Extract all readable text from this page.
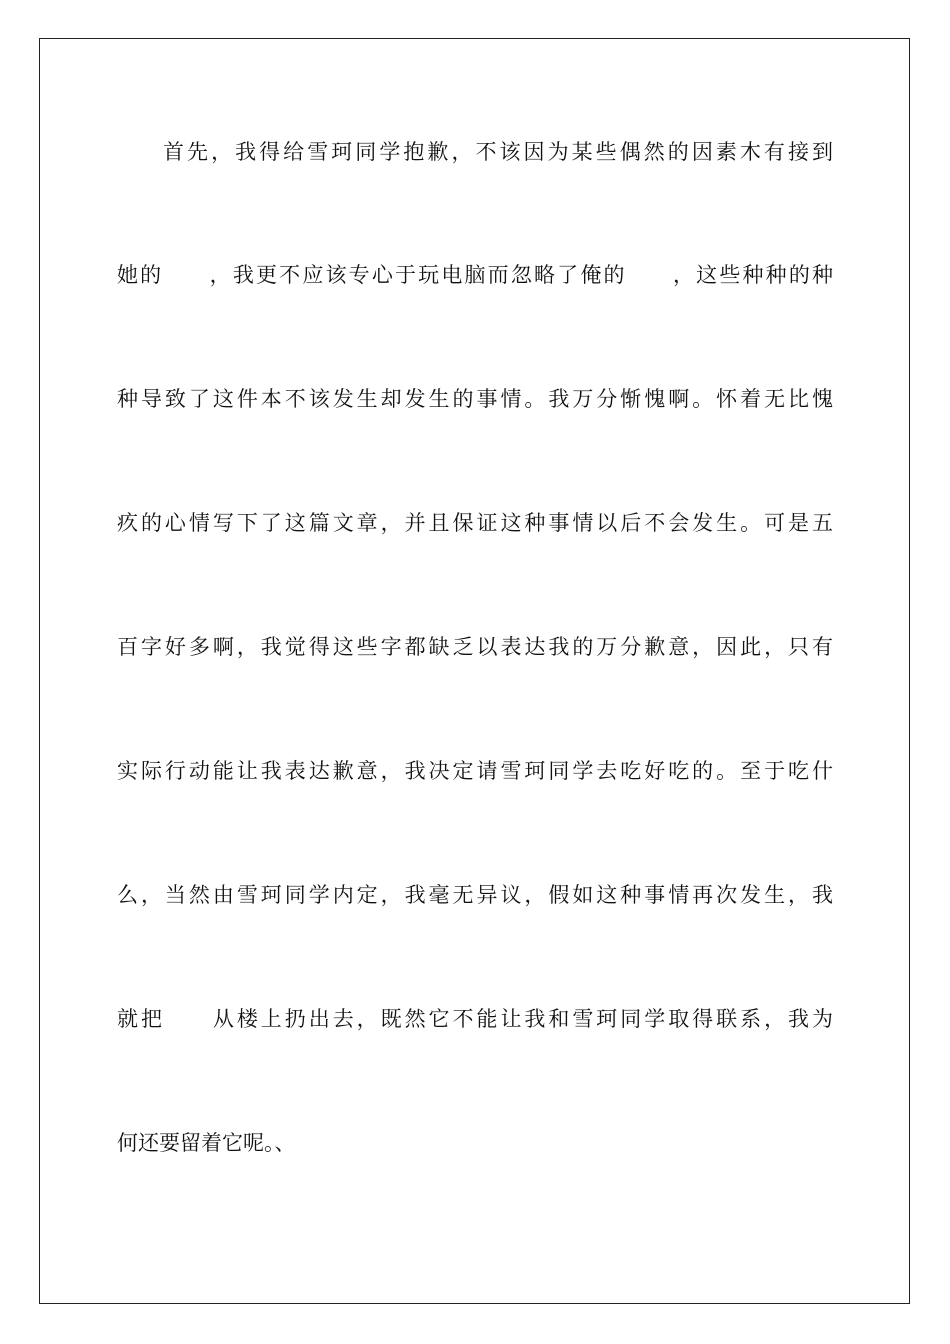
首先，我得给雪珂同学抱歉，不该因为某些偶然的因素木有接到

她的　　，我更不应该专心于玩电脑而忽略了俺的　　，这些种种的种

种导致了这件本不该发生却发生的事情。我万分惭愧啊。怀着无比愧

疚的心情写下了这篇文章，并且保证这种事情以后不会发生。可是五

百字好多啊，我觉得这些字都缺乏以表达我的万分歉意，因此，只有

实际行动能让我表达歉意，我决定请雪珂同学去吃好吃的。至于吃什

么，当然由雪珂同学内定，我毫无异议，假如这种事情再次发生，我

就把　　从楼上扔出去，既然它不能让我和雪珂同学取得联系，我为

何还要留着它呢。、
